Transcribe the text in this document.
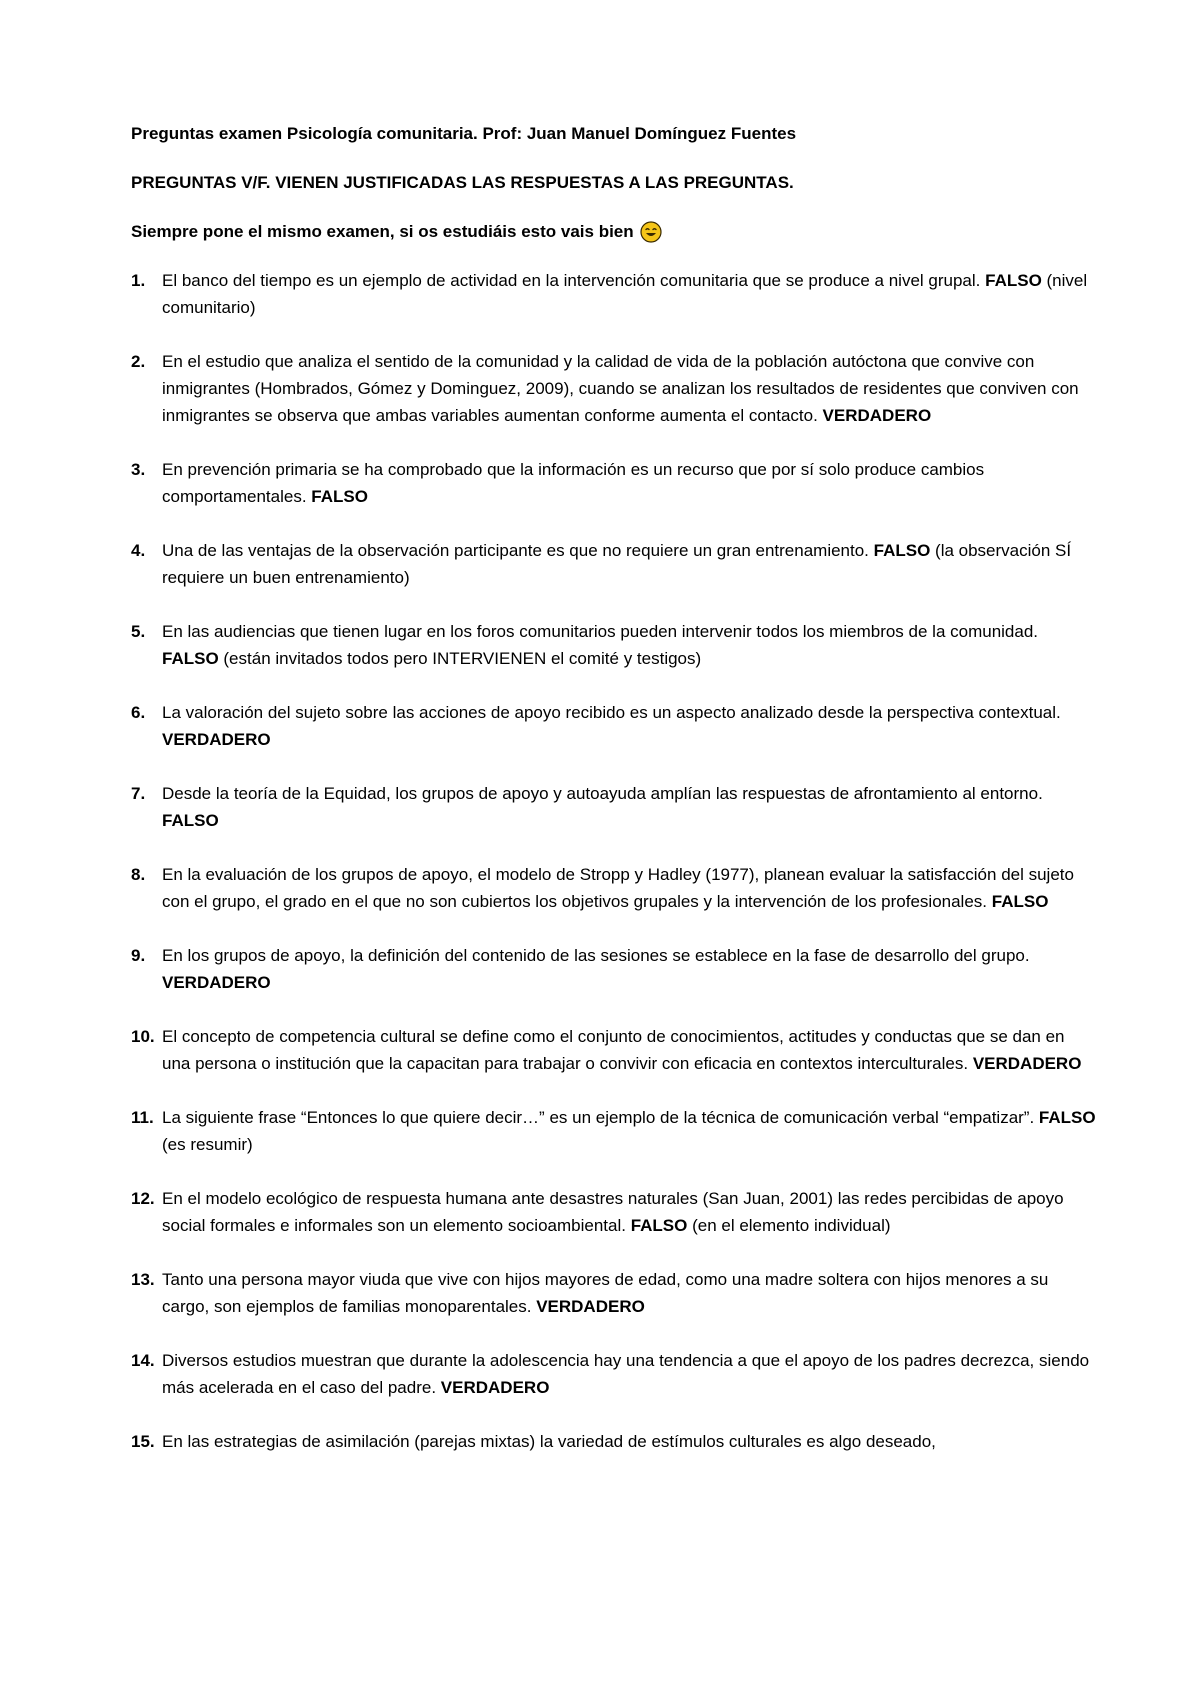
Preguntas examen Psicología comunitaria. Prof: Juan Manuel Domínguez Fuentes

PREGUNTAS V/F. VIENEN JUSTIFICADAS LAS RESPUESTAS A LAS PREGUNTAS.

Siempre pone el mismo examen, si os estudiáis esto vais bien

1. El banco del tiempo es un ejemplo de actividad en la intervención comunitaria que se produce a nivel grupal. FALSO (nivel comunitario)
2. En el estudio que analiza el sentido de la comunidad y la calidad de vida de la población autóctona que convive con inmigrantes (Hombrados, Gómez y Dominguez, 2009), cuando se analizan los resultados de residentes que conviven con inmigrantes se observa que ambas variables aumentan conforme aumenta el contacto. VERDADERO
3. En prevención primaria se ha comprobado que la información es un recurso que por sí solo produce cambios comportamentales. FALSO
4. Una de las ventajas de la observación participante es que no requiere un gran entrenamiento. FALSO (la observación SÍ requiere un buen entrenamiento)
5. En las audiencias que tienen lugar en los foros comunitarios pueden intervenir todos los miembros de la comunidad. FALSO (están invitados todos pero INTERVIENEN el comité y testigos)
6. La valoración del sujeto sobre las acciones de apoyo recibido es un aspecto analizado desde la perspectiva contextual. VERDADERO
7. Desde la teoría de la Equidad, los grupos de apoyo y autoayuda amplían las respuestas de afrontamiento al entorno. FALSO
8. En la evaluación de los grupos de apoyo, el modelo de Stropp y Hadley (1977), planean evaluar la satisfacción del sujeto con el grupo, el grado en el que no son cubiertos los objetivos grupales y la intervención de los profesionales. FALSO
9. En los grupos de apoyo, la definición del contenido de las sesiones se establece en la fase de desarrollo del grupo. VERDADERO
10. El concepto de competencia cultural se define como el conjunto de conocimientos, actitudes y conductas que se dan en una persona o institución que la capacitan para trabajar o convivir con eficacia en contextos interculturales. VERDADERO
11. La siguiente frase “Entonces lo que quiere decir…” es un ejemplo de la técnica de comunicación verbal “empatizar”. FALSO (es resumir)
12. En el modelo ecológico de respuesta humana ante desastres naturales (San Juan, 2001) las redes percibidas de apoyo social formales e informales son un elemento socioambiental. FALSO (en el elemento individual)
13. Tanto una persona mayor viuda que vive con hijos mayores de edad, como una madre soltera con hijos menores a su cargo, son ejemplos de familias monoparentales. VERDADERO
14. Diversos estudios muestran que durante la adolescencia hay una tendencia a que el apoyo de los padres decrezca, siendo más acelerada en el caso del padre. VERDADERO
15. En las estrategias de asimilación (parejas mixtas) la variedad de estímulos culturales es algo deseado,
